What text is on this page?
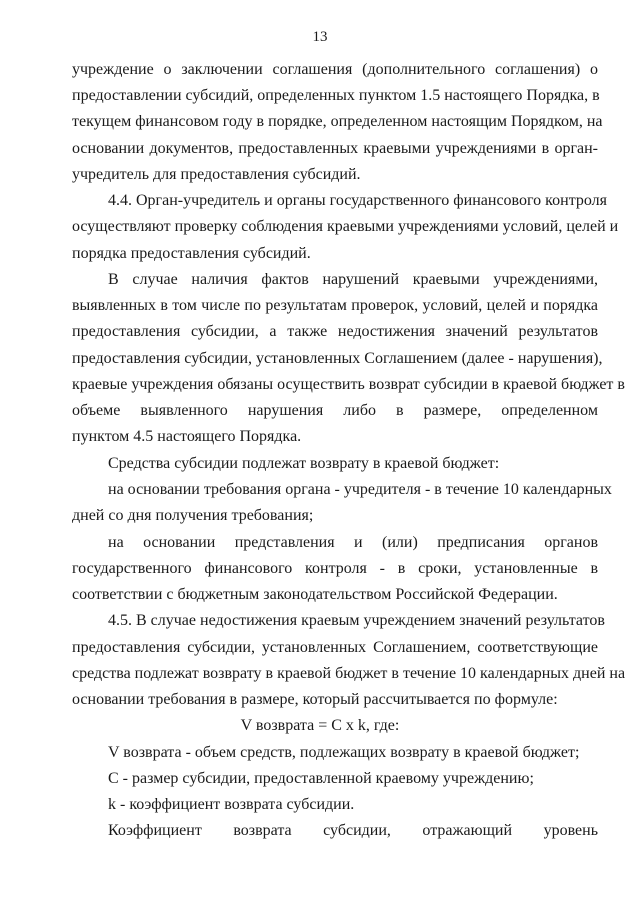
13
учреждение о заключении соглашения (дополнительного соглашения) о
предоставлении субсидий, определенных пунктом 1.5 настоящего Порядка, в
текущем финансовом году в порядке, определенном настоящим Порядком, на
основании документов, предоставленных краевыми учреждениями в орган-
учредитель для предоставления субсидий.
4.4. Орган-учредитель и органы государственного финансового контроля
осуществляют проверку соблюдения краевыми учреждениями условий, целей и
порядка предоставления субсидий.
В случае наличия фактов нарушений краевыми учреждениями,
выявленных в том числе по результатам проверок, условий, целей и порядка
предоставления субсидии, а также недостижения значений результатов
предоставления субсидии, установленных Соглашением (далее - нарушения),
краевые учреждения обязаны осуществить возврат субсидии в краевой бюджет в
объеме выявленного нарушения либо в размере, определенном
пунктом 4.5 настоящего Порядка.
Средства субсидии подлежат возврату в краевой бюджет:
на основании требования органа - учредителя - в течение 10 календарных
дней со дня получения требования;
на основании представления и (или) предписания органов
государственного финансового контроля - в сроки, установленные в
соответствии с бюджетным законодательством Российской Федерации.
4.5. В случае недостижения краевым учреждением значений результатов
предоставления субсидии, установленных Соглашением, соответствующие
средства подлежат возврату в краевой бюджет в течение 10 календарных дней на
основании требования в размере, который рассчитывается по формуле:
V возврата = C x k, где:
V возврата - объем средств, подлежащих возврату в краевой бюджет;
C - размер субсидии, предоставленной краевому учреждению;
k - коэффициент возврата субсидии.
Коэффициент возврата субсидии, отражающий уровень
